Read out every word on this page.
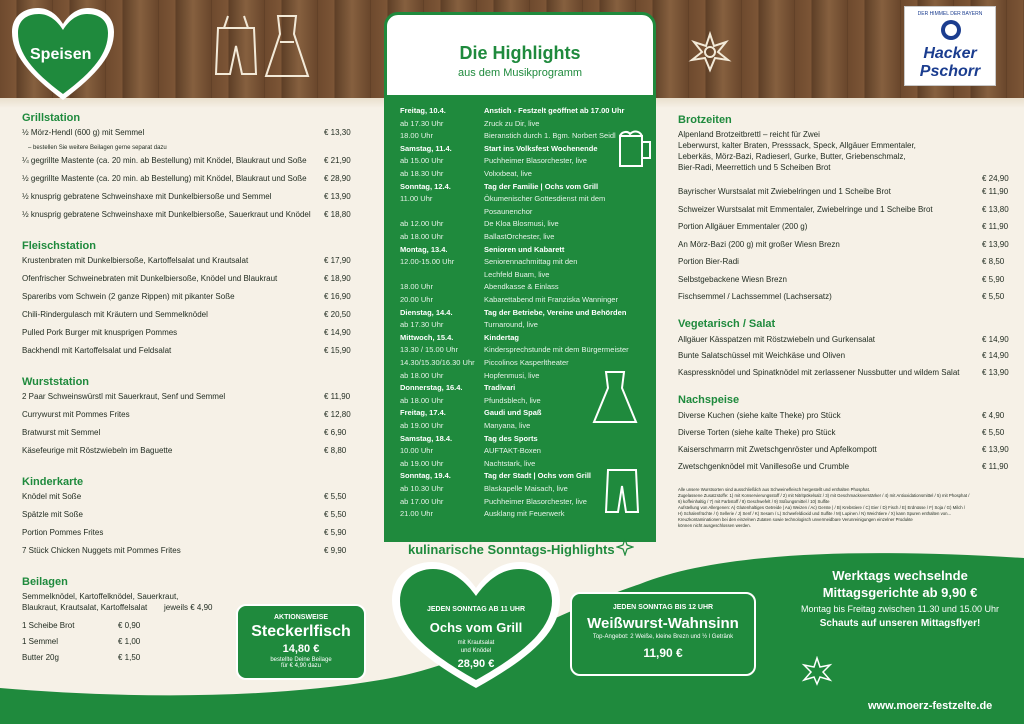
Speisen
DER HIMMEL DER BAYERN
Hacker
Pschorr
Die Highlights
aus dem Musikprogramm
Freitag, 10.4.	Anstich - Festzelt geöffnet ab 17.00 Uhr
ab 17.30 Uhr	Zruck zu Dir, live
18.00 Uhr	Bieranstich durch 1. Bgm. Norbert Seidl
Samstag, 11.4.	Start ins Volksfest Wochenende
ab 15.00 Uhr	Puchheimer Blasorchester, live
ab 18.30 Uhr	Volxxbeat, live
Sonntag, 12.4.	Tag der Familie | Ochs vom Grill
11.00 Uhr	Ökumenischer Gottesdienst mit dem
Posaunenchor
ab 12.00 Uhr	De Kloa Blosmusi, live
ab 18.00 Uhr	BallastOrchester, live
Montag, 13.4.	Senioren und Kabarett
12.00-15.00 Uhr	Seniorennachmittag mit den
Lechfeld Buam, live
18.00 Uhr	Abendkasse & Einlass
20.00 Uhr	Kabarettabend mit Franziska Wanninger
Dienstag, 14.4.	Tag der Betriebe, Vereine und Behörden
ab 17.30 Uhr	Turnaround, live
Mittwoch, 15.4.	Kindertag
13.30 / 15.00 Uhr	Kindersprechstunde mit dem Bürgermeister
14.30/15.30/16.30 Uhr Piccolinos Kasperltheater
ab 18.00 Uhr	Hopfenmusi, live
Donnerstag, 16.4.	Tradivari
ab 18.00 Uhr	Pfundsblech, live
Freitag, 17.4.	Gaudi und Spaß
ab 19.00 Uhr	Manyana, live
Samstag, 18.4.	Tag des Sports
10.00 Uhr	AUFTAKT-Boxen
ab 19.00 Uhr	Nachtstark, live
Sonntag, 19.4.	Tag der Stadt | Ochs vom Grill
ab 10.30 Uhr	Blaskapelle Maisach, live
ab 17.00 Uhr	Puchheimer Blasorchester, live
21.00 Uhr	Ausklang mit Feuerwerk
Grillstation
½ Mörz-Hendl (600 g) mit Semmel	€ 13,30
– bestellen Sie weitere Beilagen gerne separat dazu
¼ gegrillte Mastente (ca. 20 min. ab Bestellung) mit Knödel, Blaukraut und Soße € 21,90
½ gegrillte Mastente (ca. 20 min. ab Bestellung) mit Knödel, Blaukraut und Soße € 28,90
½ knusprig gebratene Schweinshaxe mit Dunkelbiersoße und Semmel	€ 13,90
½ knusprig gebratene Schweinshaxe mit Dunkelbiersoße, Sauerkraut und Knödel € 18,80
Fleischstation
Krustenbraten mit Dunkelbiersoße, Kartoffelsalat und Krautsalat	€ 17,90
Ofenfrischer Schweinebraten mit Dunkelbiersoße, Knödel und Blaukraut	€ 18,90
Spareribs vom Schwein (2 ganze Rippen) mit pikanter Soße	€ 16,90
Chili-Rindergulasch mit Kräutern und Semmelknödel	€ 20,50
Pulled Pork Burger mit knusprigen Pommes	€ 14,90
Backhendl mit Kartoffelsalat und Feldsalat	€ 15,90
Wurststation
2 Paar Schweinswürstl mit Sauerkraut, Senf und Semmel	€ 11,90
Currywurst mit Pommes Frites	€ 12,80
Bratwurst mit Semmel	€ 6,90
Käsefeurige mit Röstzwiebeln im Baguette	€ 8,80
Kinderkarte
Knödel mit Soße	€ 5,50
Spätzle mit Soße	€ 5,50
Portion Pommes Frites	€ 5,90
7 Stück Chicken Nuggets mit Pommes Frites	€ 9,90
Beilagen
Semmelknödel, Kartoffelknödel, Sauerkraut,
Blaukraut, Krautsalat, Kartoffelsalat jeweils € 4,90
1 Scheibe Brot	€ 0,90
1 Semmel	€ 1,00
Butter 20g	€ 1,50
Brotzeiten
Alpenland Brotzeitbrettl – reicht für Zwei
Leberwurst, kalter Braten, Presssack, Speck, Allgäuer Emmentaler,
Leberkäs, Mörz-Bazi, Radieserl, Gurke, Butter, Griebenschmalz,
Bier-Radi, Meerrettich und 5 Scheiben Brot
€ 24,90
Bayrischer Wurstsalat mit Zwiebelringen und 1 Scheibe Brot	€ 11,90
Schweizer Wurstsalat mit Emmentaler, Zwiebelringe und 1 Scheibe Brot	€ 13,80
Portion Allgäuer Emmentaler (200 g)	€ 11,90
An Mörz-Bazi (200 g) mit großer Wiesn Brezn	€ 13,90
Portion Bier-Radi	€ 8,50
Selbstgebackene Wiesn Brezn	€ 5,90
Fischsemmel / Lachssemmel (Lachsersatz)	€ 5,50
Vegetarisch / Salat
Allgäuer Kässpatzen mit Röstzwiebeln und Gurkensalat	€ 14,90
Bunte Salatschüssel mit Weichkäse und Oliven	€ 14,90
Kaspressknödel und Spinatknödel mit zerlassener Nussbutter und wildem Salat	€ 13,90
Nachspeise
Diverse Kuchen (siehe kalte Theke) pro Stück	€ 4,90
Diverse Torten (siehe kalte Theke) pro Stück	€ 5,50
Kaiserschmarrn mit Zwetschgenröster und Apfelkompott	€ 13,90
Zwetschgenknödel mit Vanillesoße und Crumble	€ 11,90
Alle unsere Wurstsorten sind ausschließlich aus Schweinefleisch hergestellt und enthalten Phosphat.
Zugelassene Zusatzstoffe: 1) mit Konservierungsstoff / 2) mit Nitritpökelsalz / 3) mit Geschmacksverstärker / 4) mit Antioxidationsmittel / 5) mit Phosphat /
6) koffeinhaltig / 7) mit Farbstoff / 8) Geschwefelt / 9) Süßungsmittel / 10) Sulfite
Aufstellung von Allergenen: A) Glutenhaltiges Getreide | Aa) Weizen / Ac) Gerste | / B) Krebstiere / C) Eier / D) Fisch / E) Erdnüsse / F) Soja / G) Milch /
H) Schalenfrüchte / I) Sellerie / J) Senf / K) Sesam / L) Schwefeldioxid und Sulfite / M) Lupinen / N) Weichtiere / X) kann Spuren enthalten von...
Kreuzkontaminationen bei den einzelnen Zutaten sowie technologisch unvermeidbare Verunreinigungen einzelner Produkte
können nicht ausgeschlossen werden.
kulinarische Sonntags-Highlights
AKTIONSWEISE
Steckerlfisch
14,80 €
bestellte Deine Beilage
für € 4,90 dazu
JEDEN SONNTAG AB 11 UHR
Ochs vom Grill
mit Krautsalat
und Knödel
28,90 €
JEDEN SONNTAG BIS 12 UHR
Weißwurst-Wahnsinn
Top-Angebot: 2 Weiße, kleine Brezn und ½ l Getränk
11,90 €
Werktags wechselnde
Mittagsgerichte ab 9,90 €
Montag bis Freitag zwischen 11.30 und 15.00 Uhr
Schauts auf unseren Mittagsflyer!
www.moerz-festzelte.de
